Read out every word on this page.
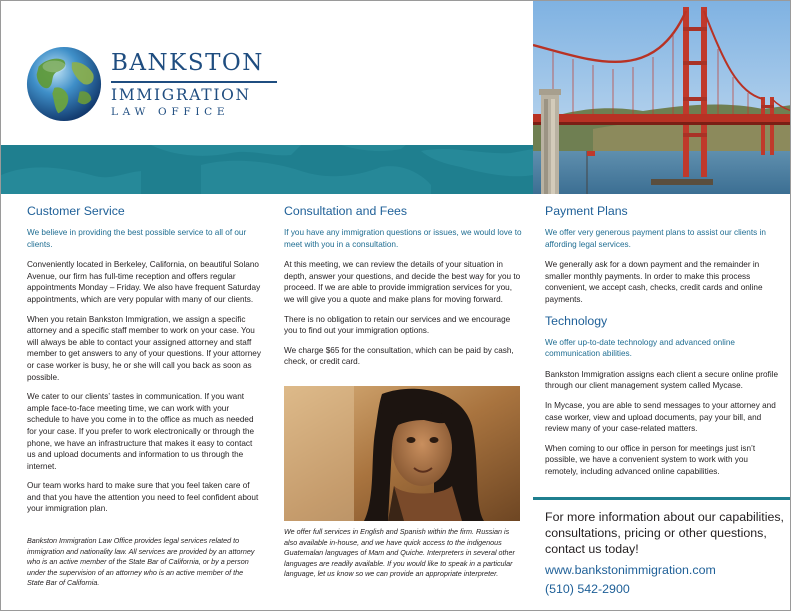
BANKSTON
IMMIGRATION
LAW OFFICE
Customer Service

We believe in providing the best possible service to all of our clients.

Conveniently located in Berkeley, California, on beautiful Solano Avenue, our firm has full-time reception and offers regular appointments Monday – Friday. We also have frequent Saturday appointments, which are very popular with many of our clients.

When you retain Bankston Immigration, we assign a specific attorney and a specific staff member to work on your case. You will always be able to contact your assigned attorney and staff member to get answers to any of your questions. If your attorney or case worker is busy, he or she will call you back as soon as possible.

We cater to our clients’ tastes in communication. If you want ample face-to-face meeting time, we can work with your schedule to have you come in to the office as much as needed for your case. If you prefer to work electronically or through the phone, we have an infrastructure that makes it easy to contact us and upload documents and information to us through the internet.

Our team works hard to make sure that you feel taken care of and that you have the attention you need to feel confident about your immigration plan.

Bankston Immigration Law Office provides legal services related to immigration and nationality law. All services are provided by an attorney who is an active member of the State Bar of California, or by a person under the supervision of an attorney who is an active member of the State Bar of California.

Consultation and Fees

If you have any immigration questions or issues, we would love to meet with you in a consultation.

At this meeting, we can review the details of your situation in depth, answer your questions, and decide the best way for you to proceed. If we are able to provide immigration services for you, we will give you a quote and make plans for moving forward.

There is no obligation to retain our services and we encourage you to find out your immigration options.

We charge $65 for the consultation, which can be paid by cash, check, or credit card.

We offer full services in English and Spanish within the firm. Russian is also available in-house, and we have quick access to the indigenous Guatemalan languages of Mam and Quiche. Interpreters in several other languages are readily available. If you would like to speak in a particular language, let us know so we can provide an appropriate interpreter.

Payment Plans

We offer very generous payment plans to assist our clients in affording legal services.

We generally ask for a down payment and the remainder in smaller monthly payments. In order to make this process convenient, we accept cash, checks, credit cards and online payments.

Technology

We offer up-to-date technology and advanced online communication abilities.

Bankston Immigration assigns each client a secure online profile through our client management system called Mycase.

In Mycase, you are able to send messages to your attorney and case worker, view and upload documents, pay your bill, and review many of your case-related matters.

When coming to our office in person for meetings just isn’t possible, we have a convenient system to work with you remotely, including advanced online capabilities.

For more information about our capabilities, consultations, pricing or other questions, contact us today!

www.bankstonimmigration.com

(510) 542-2900
